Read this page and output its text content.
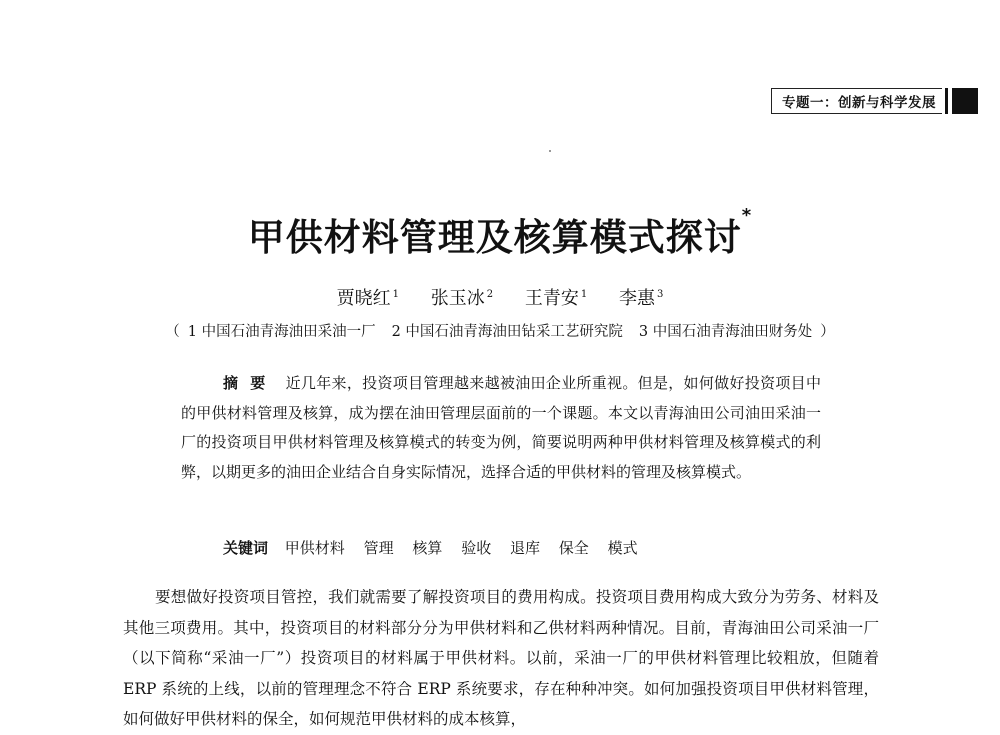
专题一：创新与科学发展
甲供材料管理及核算模式探讨*
贾晓红 $^1$ 张玉冰 $^2$ 王青安 $^1$ 李惠 $^3$
（ 1 中国石油青海油田采油一厂 2 中国石油青海油田钻采工艺研究院 3 中国石油青海油田财务处 ）
摘要 近几年来，投资项目管理越来越被油田企业所重视。但是，如何做好投资项目中的甲供材料管理及核算，成为摆在油田管理层面前的一个课题。本文以青海油田公司油田采油一厂的投资项目甲供材料管理及核算模式的转变为例，简要说明两种甲供材料管理及核算模式的利弊，以期更多的油田企业结合自身实际情况，选择合适的甲供材料的管理及核算模式。
关键词 甲供材料 管理 核算 验收 退库 保全 模式
要想做好投资项目管控，我们就需要了解投资项目的费用构成。投资项目费用构成大致分为劳务、材料及其他三项费用。其中，投资项目的材料部分分为甲供材料和乙供材料两种情况。目前，青海油田公司采油一厂（以下简称“采油一厂”）投资项目的材料属于甲供材料。以前，采油一厂的甲供材料管理比较粗放，但随着 ERP 系统的上线，以前的管理理念不符合 ERP 系统要求，存在种种冲突。如何加强投资项目甲供材料管理，如何做好甲供材料的保全，如何规范甲供材料的成本核算，
